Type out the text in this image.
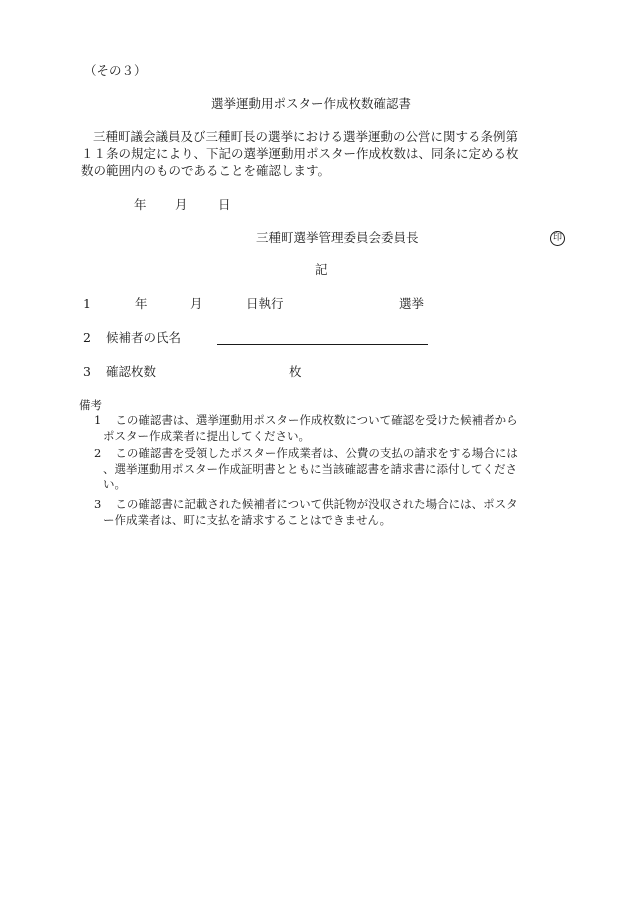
（その３）
選挙運動用ポスター作成枚数確認書
三種町議会議員及び三種町長の選挙における選挙運動の公営に関する条例第
１１条の規定により、下記の選挙運動用ポスター作成枚数は、同条に定める枚
数の範囲内のものであることを確認します。
年 月 日
三種町選挙管理委員会委員長	印
記
1	年	月	日執行	選挙
2 候補者の氏名
3 確認枚数	枚
備考
1 この確認書は、選挙運動用ポスター作成枚数について確認を受けた候補者から
ポスター作成業者に提出してください。
2 この確認書を受領したポスター作成業者は、公費の支払の請求をする場合には
、選挙運動用ポスター作成証明書とともに当該確認書を請求書に添付してくださ
い。
3 この確認書に記載された候補者について供託物が没収された場合には、ポスタ
ー作成業者は、町に支払を請求することはできません。
